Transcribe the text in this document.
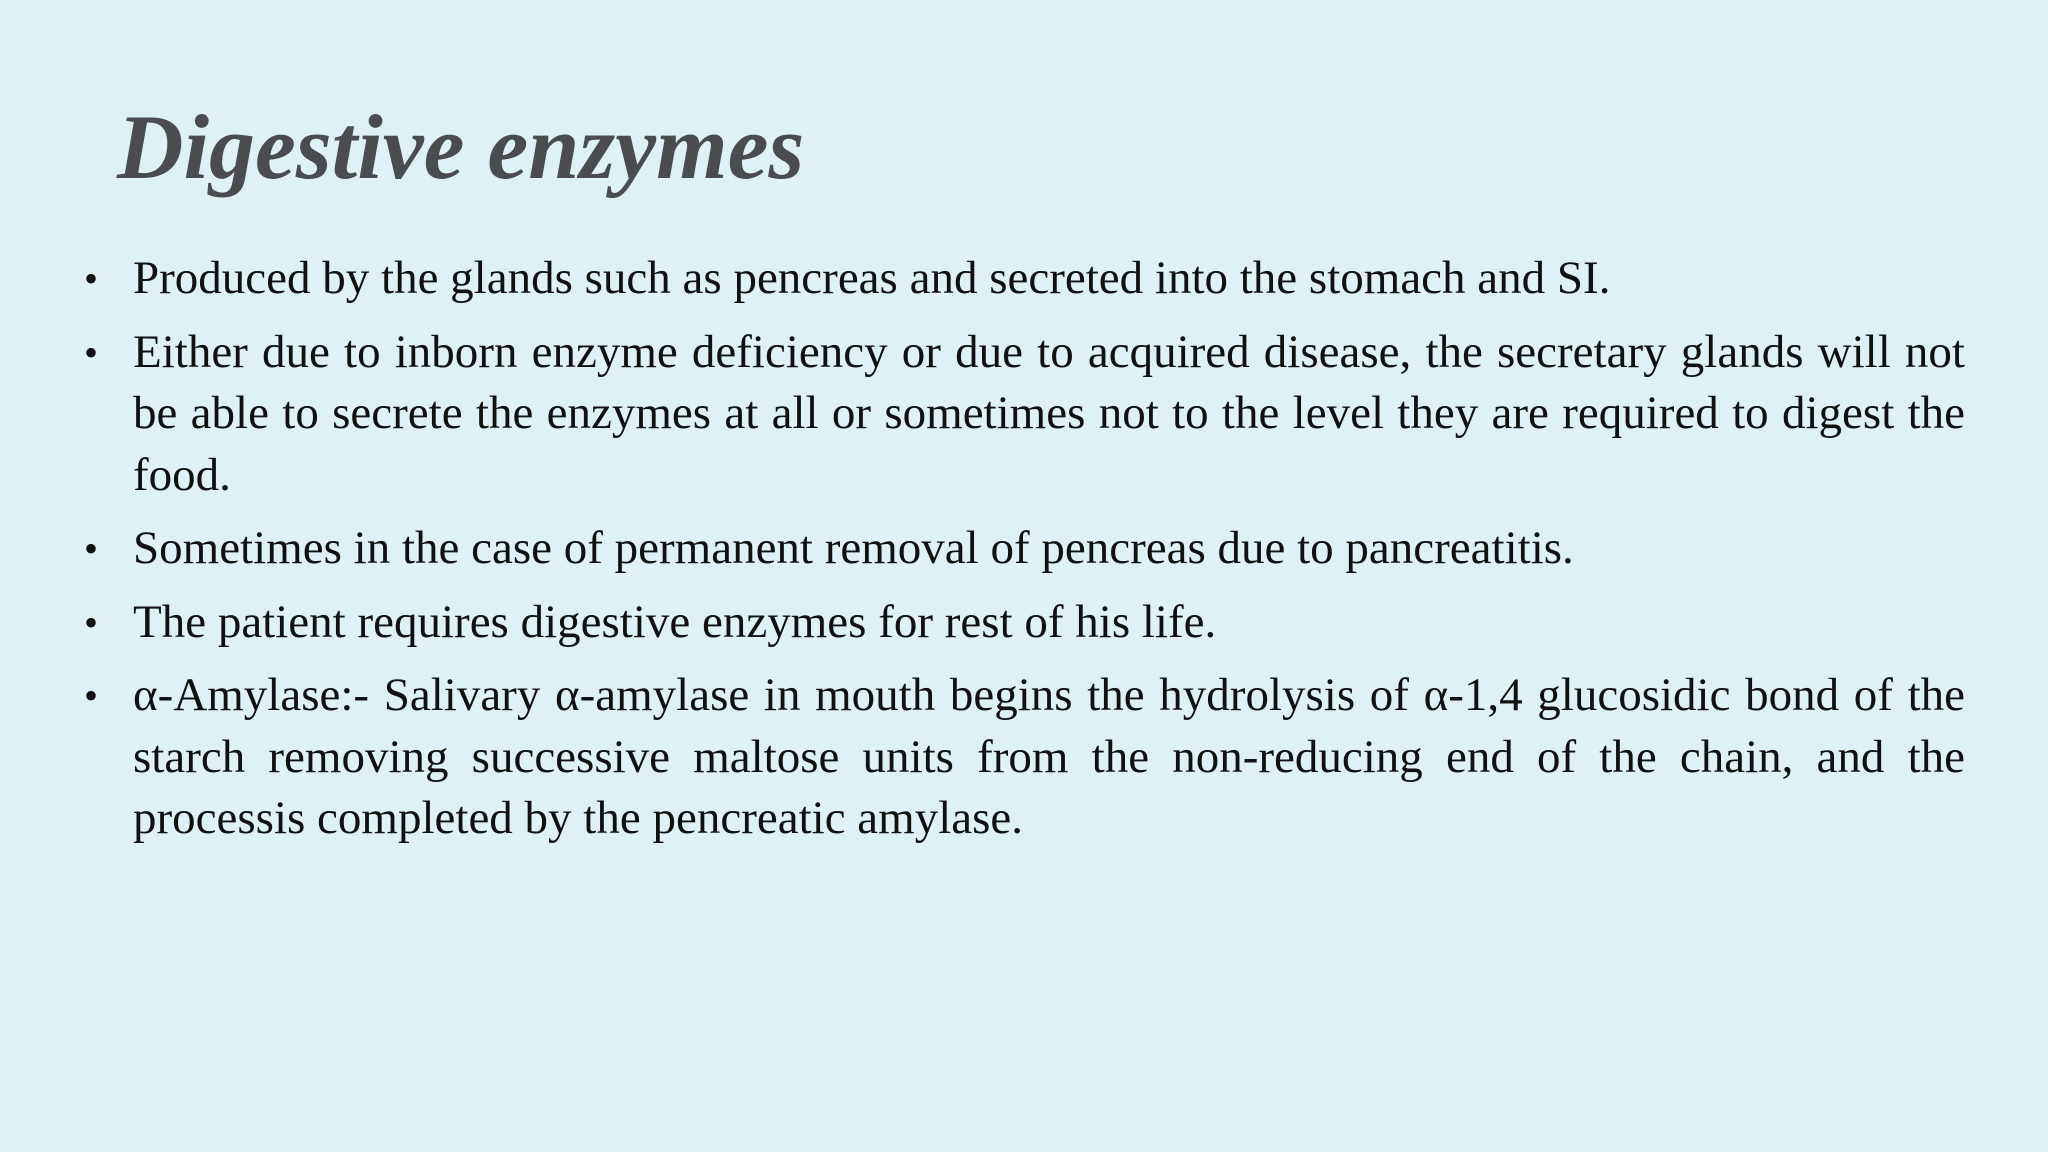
Digestive enzymes
• Produced by the glands such as pencreas and secreted into the stomach and SI.
• Either due to inborn enzyme deficiency or due to acquired disease, the secretary glands will not be able to secrete the enzymes at all or sometimes not to the level they are required to digest the food.
• Sometimes in the case of permanent removal of pencreas due to pancreatitis.
• The patient requires digestive enzymes for rest of his life.
• α-Amylase:- Salivary α-amylase in mouth begins the hydrolysis of α-1,4 glucosidic bond of the starch removing successive maltose units from the non-reducing end of the chain, and the processis completed by the pencreatic amylase.
